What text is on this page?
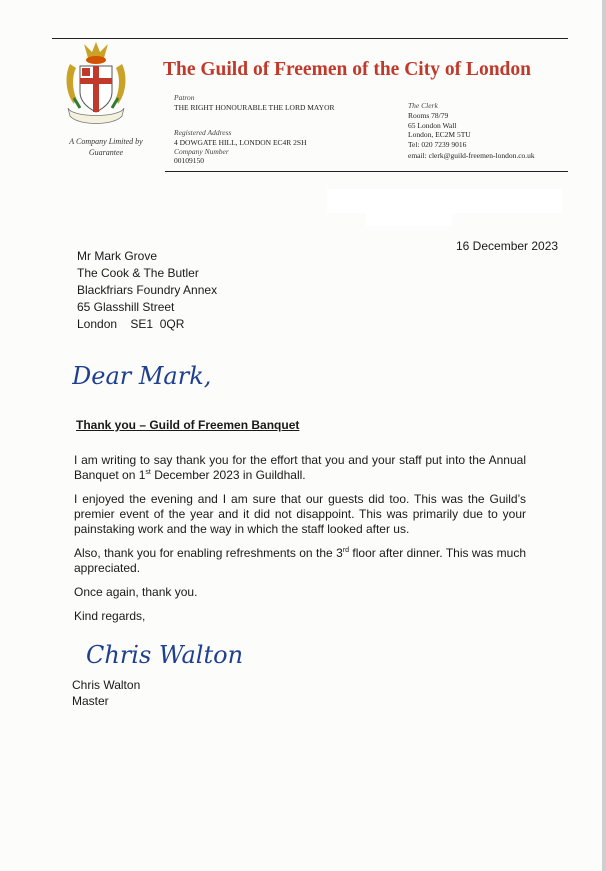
A Company Limited by
Guarantee
The Guild of Freemen of the City of London
Patron
THE RIGHT HONOURABLE THE LORD MAYOR
Registered Address
4 DOWGATE HILL, LONDON EC4R 2SH
Company Number
00109150
The Clerk
Rooms 78/79
65 London Wall
London, EC2M 5TU
Tel: 020 7239 9016
email: clerk@guild-freemen-london.co.uk
16 December 2023
Mr Mark Grove
The Cook & The Butler
Blackfriars Foundry Annex
65 Glasshill Street
London    SE1  0QR
Dear Mark,
Thank you – Guild of Freemen Banquet

I am writing to say thank you for the effort that you and your staff put into the Annual Banquet on 1st December 2023 in Guildhall.

I enjoyed the evening and I am sure that our guests did too. This was the Guild’s premier event of the year and it did not disappoint. This was primarily due to your painstaking work and the way in which the staff looked after us.

Also, thank you for enabling refreshments on the 3rd floor after dinner. This was much appreciated.

Once again, thank you.

Kind regards,

Chris Walton
Chris Walton
Master
